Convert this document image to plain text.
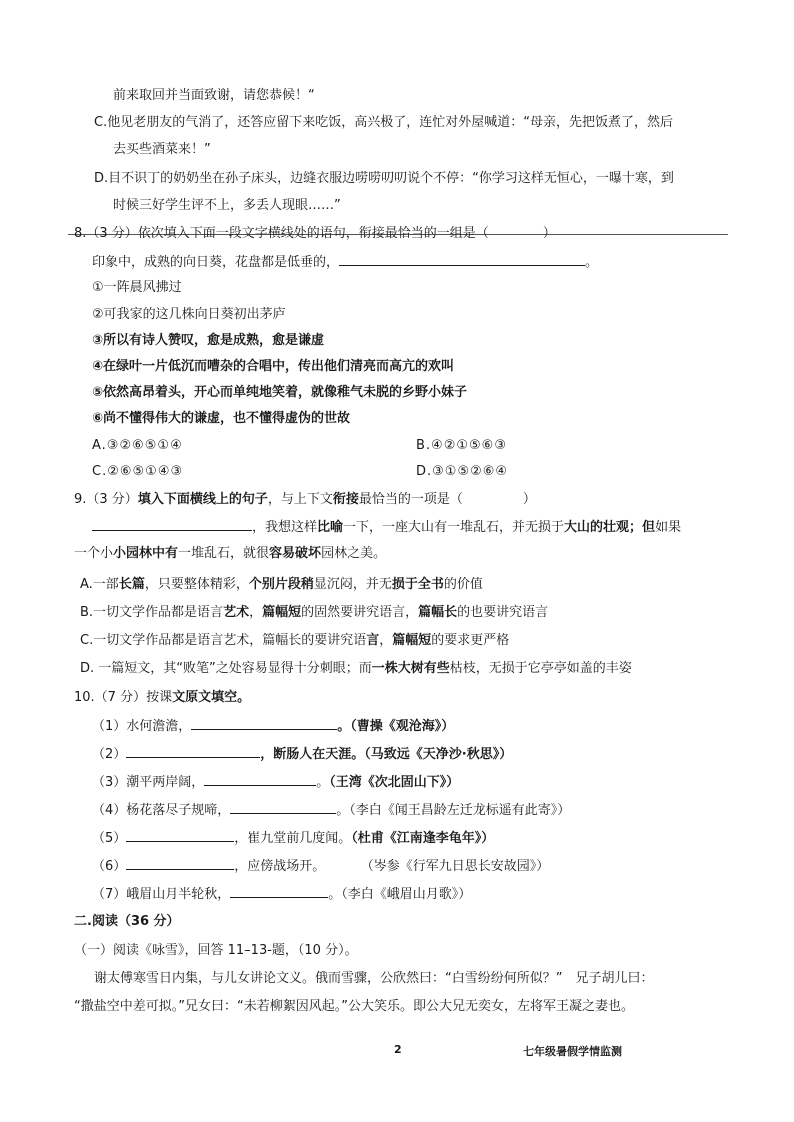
前来取回并当面致谢，请您恭候！“
C.他见老朋友的气消了，还答应留下来吃饭，高兴极了，连忙对外屋喊道：“母亲，先把饭煮了，然后
去买些酒菜来！”
D.目不识丁的奶奶坐在孙子床头，边缝衣服边唠唠叨叨说个不停：“你学习这样无恒心，一曝十寒，到
时候三好学生评不上，多丢人现眼……”
8.（3 分）依次填入下面一段文字横线处的语句，衔接最恰当的一组是（	）
印象中，成熟的向日葵，花盘都是低垂的，	。
①一阵晨风拂过
②可我家的这几株向日葵初出茅庐
③所以有诗人赞叹，愈是成熟，愈是谦虚
④在绿叶一片低沉而嘈杂的合唱中，传出他们清亮而高亢的欢叫
⑤依然高昂着头，开心而单纯地笑着，就像稚气未脱的乡野小妹子
⑥尚不懂得伟大的谦虚，也不懂得虚伪的世故
A.③②⑥⑤①④	B.④②①⑤⑥③
C.②⑥⑤①④③	D.③①⑤②⑥④
9.（3 分）填入下面横线上的句子，与上下文衔接最恰当的一项是（	）
，我想这样比喻一下，一座大山有一堆乱石，并无损于大山的壮观；但如果
一个小小园林中有一堆乱石，就很容易破坏园林之美。
A.一部长篇，只要整体精彩，个别片段稍显沉闷，并无损于全书的价值
B.一切文学作品都是语言艺术，篇幅短的固然要讲究语言，篇幅长的也要讲究语言
C.一切文学作品都是语言艺术，篇幅长的要讲究语言，篇幅短的要求更严格
D. 一篇短文，其“败笔”之处容易显得十分刺眼；而一株大树有些枯枝，无损于它亭亭如盖的丰姿
10.（7 分）按课文原文填空。
（1）水何澹澹，	。（曹操《观沧海》）
（2）	，断肠人在天涯。（马致远《天净沙·秋思》）
（3）潮平两岸阔，	。（王湾《次北固山下》）
（4）杨花落尽子规啼，	。（李白《闻王昌龄左迁龙标遥有此寄》）
（5）	，崔九堂前几度闻。（杜甫《江南逢李龟年》）
（6）	，应傍战场开。	（岑参《行军九日思长安故园》）
（7）峨眉山月半轮秋，	。（李白《峨眉山月歌》）
二.阅读（36 分）
（一）阅读《咏雪》，回答 11–13-题，（10 分）。
谢太傅寒雪日内集，与儿女讲论文义。俄而雪骤，公欣然曰：“白雪纷纷何所似？”　兄子胡儿曰：
“撒盐空中差可拟。”兄女曰：“未若柳絮因风起。”公大笑乐。即公大兄无奕女，左将军王凝之妻也。
2	七年级暑假学情监测
